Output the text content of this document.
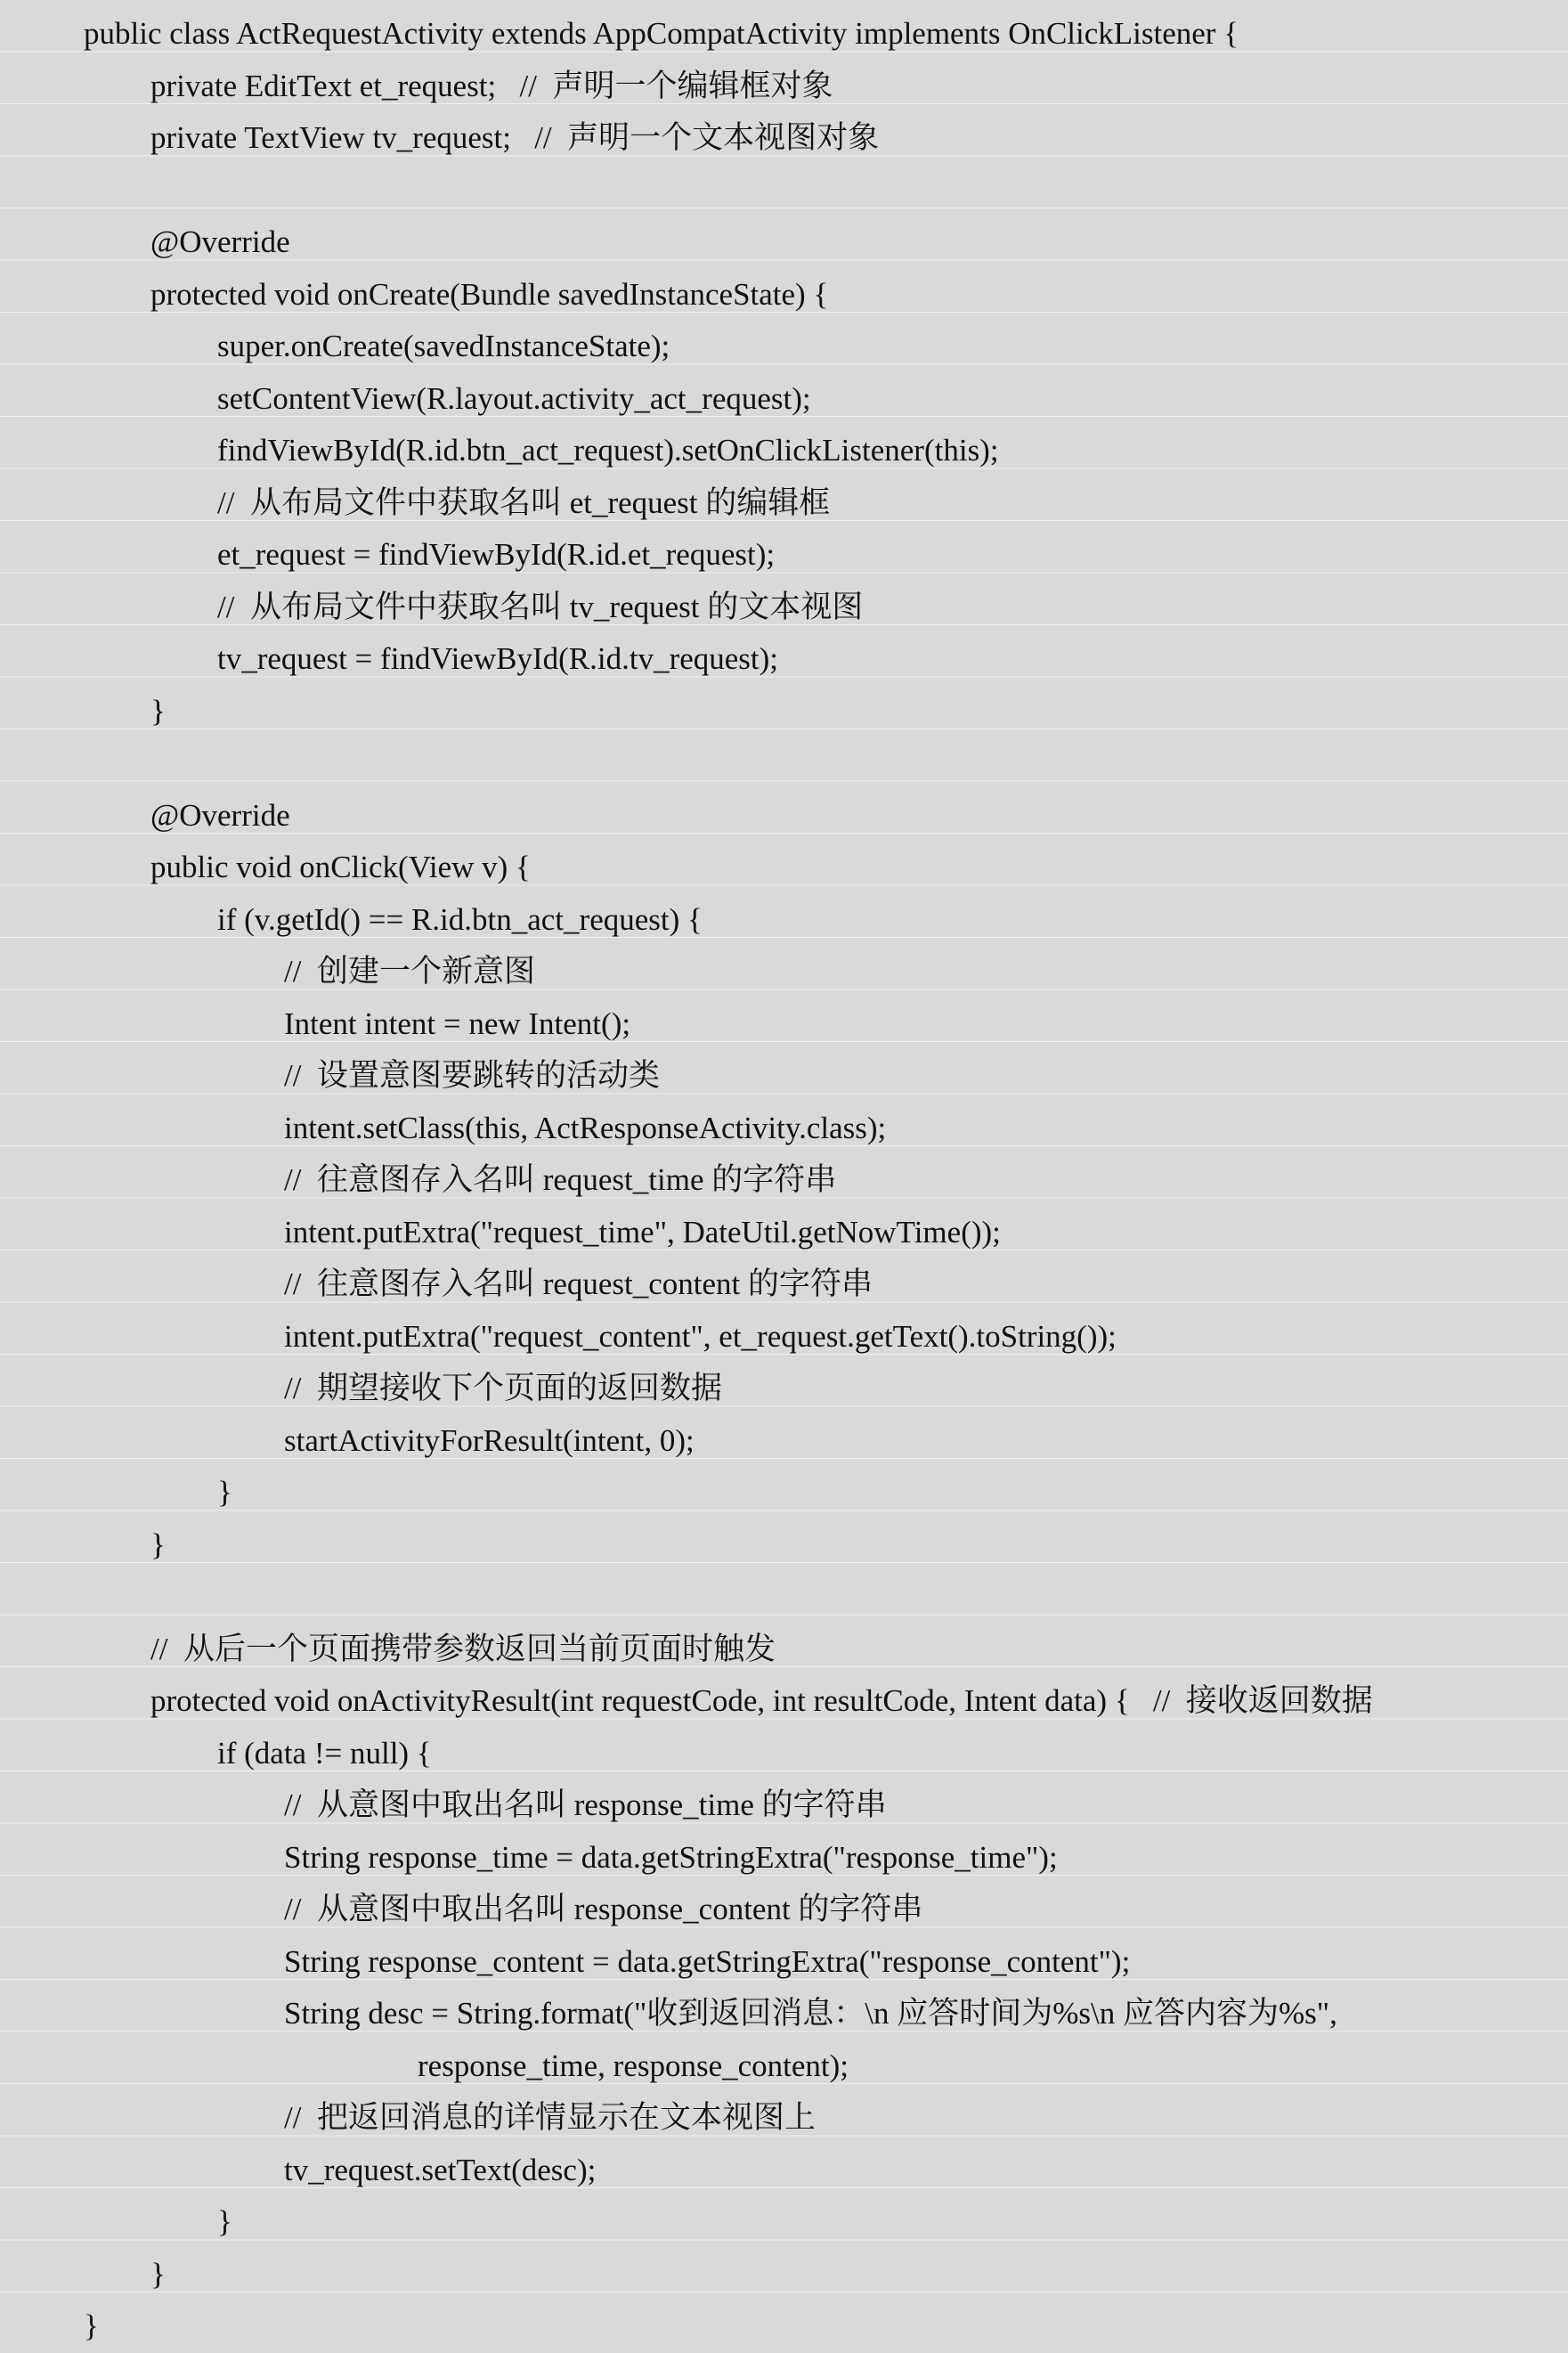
public class ActRequestActivity extends AppCompatActivity implements OnClickListener {
private EditText et_request;   //  声明一个编辑框对象
private TextView tv_request;   //  声明一个文本视图对象
@Override
protected void onCreate(Bundle savedInstanceState) {
super.onCreate(savedInstanceState);
setContentView(R.layout.activity_act_request);
findViewById(R.id.btn_act_request).setOnClickListener(this);
//  从布局文件中获取名叫 et_request 的编辑框
et_request = findViewById(R.id.et_request);
//  从布局文件中获取名叫 tv_request 的文本视图
tv_request = findViewById(R.id.tv_request);
}
@Override
public void onClick(View v) {
if (v.getId() == R.id.btn_act_request) {
//  创建一个新意图
Intent intent = new Intent();
//  设置意图要跳转的活动类
intent.setClass(this, ActResponseActivity.class);
//  往意图存入名叫 request_time 的字符串
intent.putExtra("request_time", DateUtil.getNowTime());
//  往意图存入名叫 request_content 的字符串
intent.putExtra("request_content", et_request.getText().toString());
//  期望接收下个页面的返回数据
startActivityForResult(intent, 0);
}
}
//  从后一个页面携带参数返回当前页面时触发
protected void onActivityResult(int requestCode, int resultCode, Intent data) {   //  接收返回数据
if (data != null) {
//  从意图中取出名叫 response_time 的字符串
String response_time = data.getStringExtra("response_time");
//  从意图中取出名叫 response_content 的字符串
String response_content = data.getStringExtra("response_content");
String desc = String.format("收到返回消息：\n 应答时间为%s\n 应答内容为%s",
response_time, response_content);
//  把返回消息的详情显示在文本视图上
tv_request.setText(desc);
}
}
}
